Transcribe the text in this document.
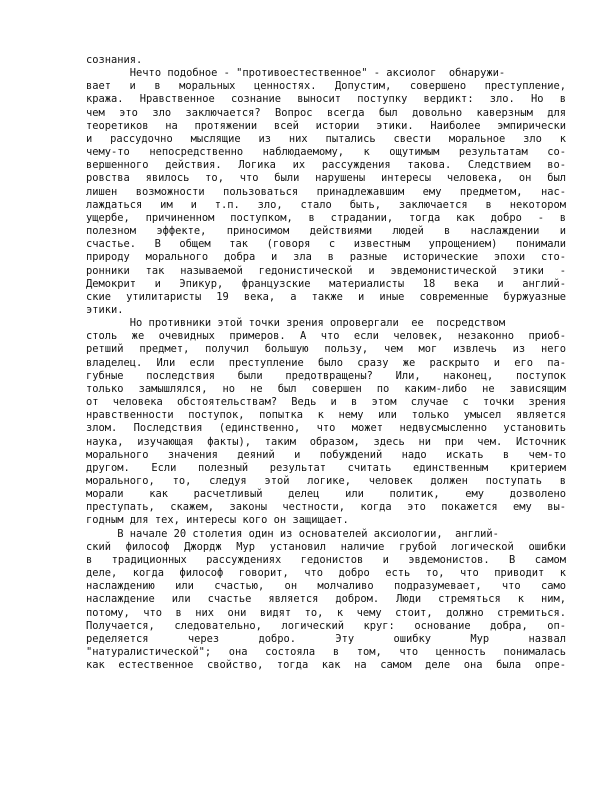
сознания.
Нечто подобное - "противоестественное" - аксиолог  обнаружи-
вает и в моральных ценностях. Допустим, совершено преступление,
кража. Нравственное сознание выносит поступку вердикт: зло. Но в
чем это зло заключается? Вопрос всегда был довольно каверзным для
теоретиков на протяжении всей истории этики. Наиболее эмпирически
и рассудочно мыслящие из них пытались свести моральное зло к
чему-то непосредственно наблюдаемому, к ощутимым результатам со-
вершенного действия. Логика их рассуждения такова. Следствием во-
ровства явилось то, что были нарушены интересы человека, он был
лишен возможности пользоваться принадлежавшим ему предметом, нас-
лаждаться им и т.п. зло, стало быть, заключается в некотором
ущербе, причиненном поступком, в страдании, тогда как добро - в
полезном эффекте, приносимом действиями людей в наслаждении и
счастье. В общем так (говоря с известным упрощением) понимали
природу морального добра и зла в разные исторические эпохи сто-
ронники так называемой гедонистической и эвдемонистической этики -
Демокрит и Эпикур, французские материалисты 18 века и англий-
ские утилитаристы 19 века, а также и иные современные буржуазные
этики.
Но противники этой точки зрения опровергали  ее  посредством
столь же очевидных примеров. А что если человек, незаконно приоб-
ретший предмет, получил большую пользу, чем мог извлечь из него
владелец. Или если преступление было сразу же раскрыто и его па-
губные последствия были предотвращены? Или, наконец, поступок
только замышлялся, но не был совершен по каким-либо не зависящим
от человека обстоятельствам? Ведь и в этом случае с точки зрения
нравственности поступок, попытка к нему или только умысел является
злом. Последствия (единственно, что может недвусмысленно установить
наука, изучающая факты), таким образом, здесь ни при чем. Источник
морального значения деяний и побуждений надо искать в чем-то
другом. Если полезный результат считать единственным критерием
морального, то, следуя этой логике, человек должен поступать в
морали как расчетливый делец или политик, ему дозволено
преступать, скажем, законы честности, когда это покажется ему вы-
годным для тех, интересы кого он защищает.
В начале 20 столетия один из основателей аксиологии,  англий-
ский философ Джордж Мур установил наличие грубой логической ошибки
в традиционных рассуждениях гедонистов и эвдемонистов. В самом
деле, когда философ говорит, что добро есть то, что приводит к
наслаждению или счастью, он молчаливо подразумевает, что само
наслаждение или счастье является добром. Люди стремяться к ним,
потому, что в них они видят то, к чему стоит, должно стремиться.
Получается, следовательно, логический круг: основание добра, оп-
ределяется через добро. Эту ошибку Мур назвал
"натуралистической"; она состояла в том, что ценность понималась
как естественное свойство, тогда как на самом деле она была опре-
